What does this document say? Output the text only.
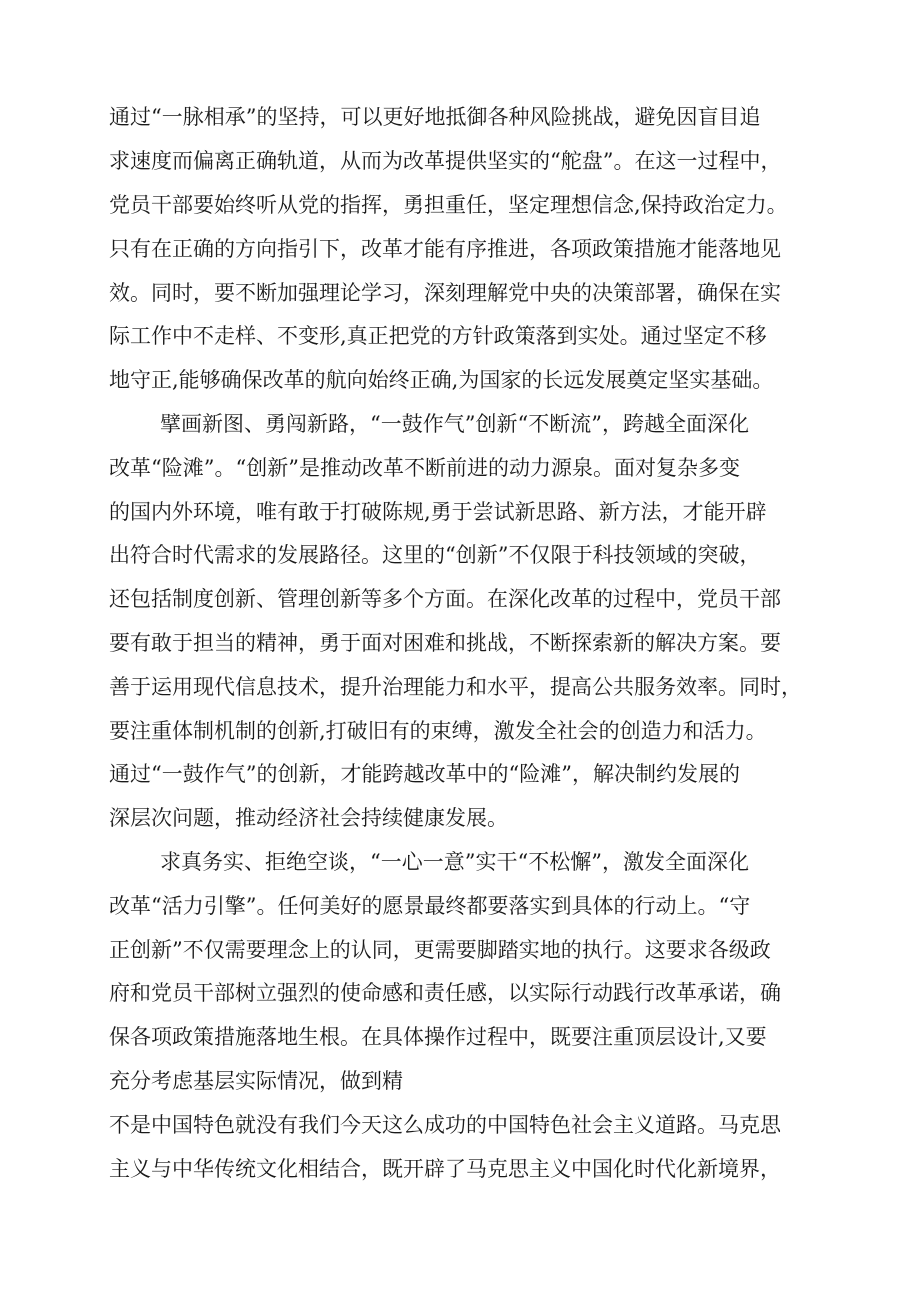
通过“一脉相承”的坚持，可以更好地抵御各种风险挑战，避免因盲目追
求速度而偏离正确轨道，从而为改革提供坚实的“舵盘”。在这一过程中，
党员干部要始终听从党的指挥，勇担重任，坚定理想信念,保持政治定力。
只有在正确的方向指引下，改革才能有序推进，各项政策措施才能落地见
效。同时，要不断加强理论学习，深刻理解党中央的决策部署，确保在实
际工作中不走样、不变形,真正把党的方针政策落到实处。通过坚定不移
地守正,能够确保改革的航向始终正确,为国家的长远发展奠定坚实基础。
擘画新图、勇闯新路，“一鼓作气”创新“不断流”，跨越全面深化
改革“险滩”。“创新”是推动改革不断前进的动力源泉。面对复杂多变
的国内外环境，唯有敢于打破陈规,勇于尝试新思路、新方法，才能开辟
出符合时代需求的发展路径。这里的“创新”不仅限于科技领域的突破，
还包括制度创新、管理创新等多个方面。在深化改革的过程中，党员干部
要有敢于担当的精神，勇于面对困难和挑战，不断探索新的解决方案。要
善于运用现代信息技术，提升治理能力和水平，提高公共服务效率。同时，
要注重体制机制的创新,打破旧有的束缚，激发全社会的创造力和活力。
通过“一鼓作气”的创新，才能跨越改革中的“险滩”，解决制约发展的
深层次问题，推动经济社会持续健康发展。
求真务实、拒绝空谈，“一心一意”实干“不松懈”，激发全面深化
改革“活力引擎”。任何美好的愿景最终都要落实到具体的行动上。“守
正创新”不仅需要理念上的认同，更需要脚踏实地的执行。这要求各级政
府和党员干部树立强烈的使命感和责任感，以实际行动践行改革承诺，确
保各项政策措施落地生根。在具体操作过程中，既要注重顶层设计,又要
充分考虑基层实际情况，做到精
不是中国特色就没有我们今天这么成功的中国特色社会主义道路。马克思
主义与中华传统文化相结合，既开辟了马克思主义中国化时代化新境界，
